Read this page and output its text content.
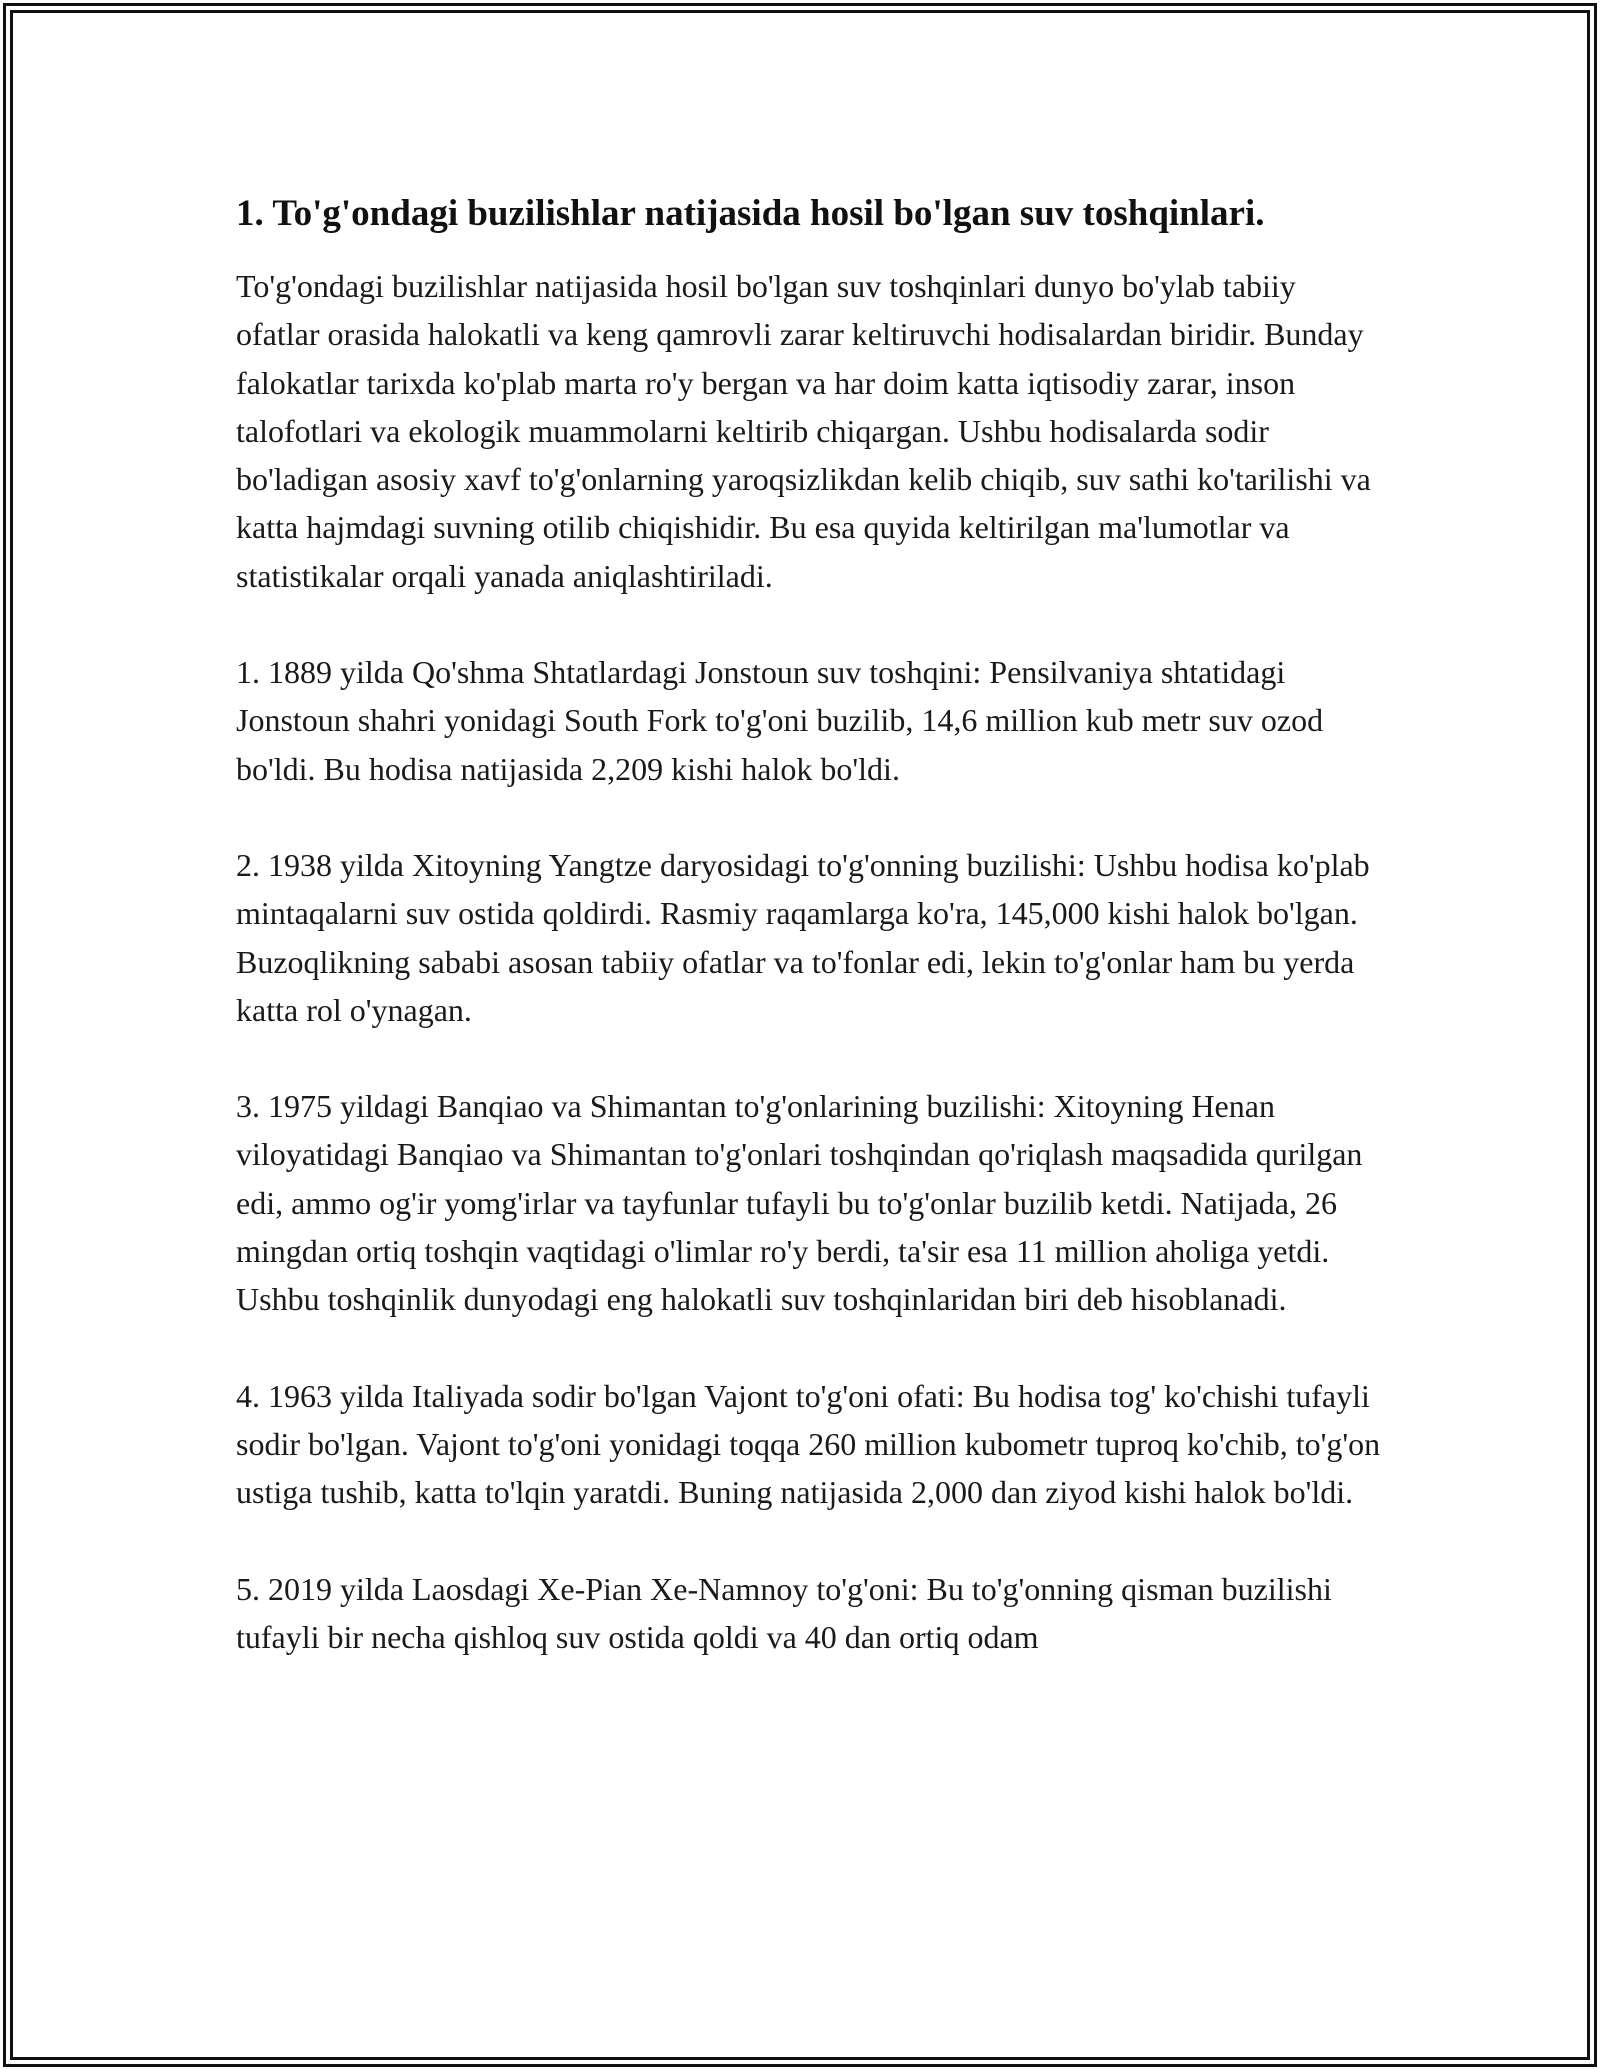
1. To'g'ondagi buzilishlar natijasida hosil bo'lgan suv toshqinlari.

To'g'ondagi buzilishlar natijasida hosil bo'lgan suv toshqinlari dunyo bo'ylab tabiiy ofatlar orasida halokatli va keng qamrovli zarar keltiruvchi hodisalardan biridir. Bunday falokatlar tarixda ko'plab marta ro'y bergan va har doim katta iqtisodiy zarar, inson talofotlari va ekologik muammolarni keltirib chiqargan. Ushbu hodisalarda sodir bo'ladigan asosiy xavf to'g'onlarning yaroqsizlikdan kelib chiqib, suv sathi ko'tarilishi va katta hajmdagi suvning otilib chiqishidir. Bu esa quyida keltirilgan ma'lumotlar va statistikalar orqali yanada aniqlashtiriladi.

1. 1889 yilda Qo'shma Shtatlardagi Jonstoun suv toshqini: Pensilvaniya shtatidagi Jonstoun shahri yonidagi South Fork to'g'oni buzilib, 14,6 million kub metr suv ozod bo'ldi. Bu hodisa natijasida 2,209 kishi halok bo'ldi.

2. 1938 yilda Xitoyning Yangtze daryosidagi to'g'onning buzilishi: Ushbu hodisa ko'plab mintaqalarni suv ostida qoldirdi. Rasmiy raqamlarga ko'ra, 145,000 kishi halok bo'lgan. Buzoqlikning sababi asosan tabiiy ofatlar va to'fonlar edi, lekin to'g'onlar ham bu yerda katta rol o'ynagan.

3. 1975 yildagi Banqiao va Shimantan to'g'onlarining buzilishi: Xitoyning Henan viloyatidagi Banqiao va Shimantan to'g'onlari toshqindan qo'riqlash maqsadida qurilgan edi, ammo og'ir yomg'irlar va tayfunlar tufayli bu to'g'onlar buzilib ketdi. Natijada, 26 mingdan ortiq toshqin vaqtidagi o'limlar ro'y berdi, ta'sir esa 11 million aholiga yetdi. Ushbu toshqinlik dunyodagi eng halokatli suv toshqinlaridan biri deb hisoblanadi.

4. 1963 yilda Italiyada sodir bo'lgan Vajont to'g'oni ofati: Bu hodisa tog' ko'chishi tufayli sodir bo'lgan. Vajont to'g'oni yonidagi toqqa 260 million kubometr tuproq ko'chib, to'g'on ustiga tushib, katta to'lqin yaratdi. Buning natijasida 2,000 dan ziyod kishi halok bo'ldi.

5. 2019 yilda Laosdagi Xe-Pian Xe-Namnoy to'g'oni: Bu to'g'onning qisman buzilishi tufayli bir necha qishloq suv ostida qoldi va 40 dan ortiq odam
